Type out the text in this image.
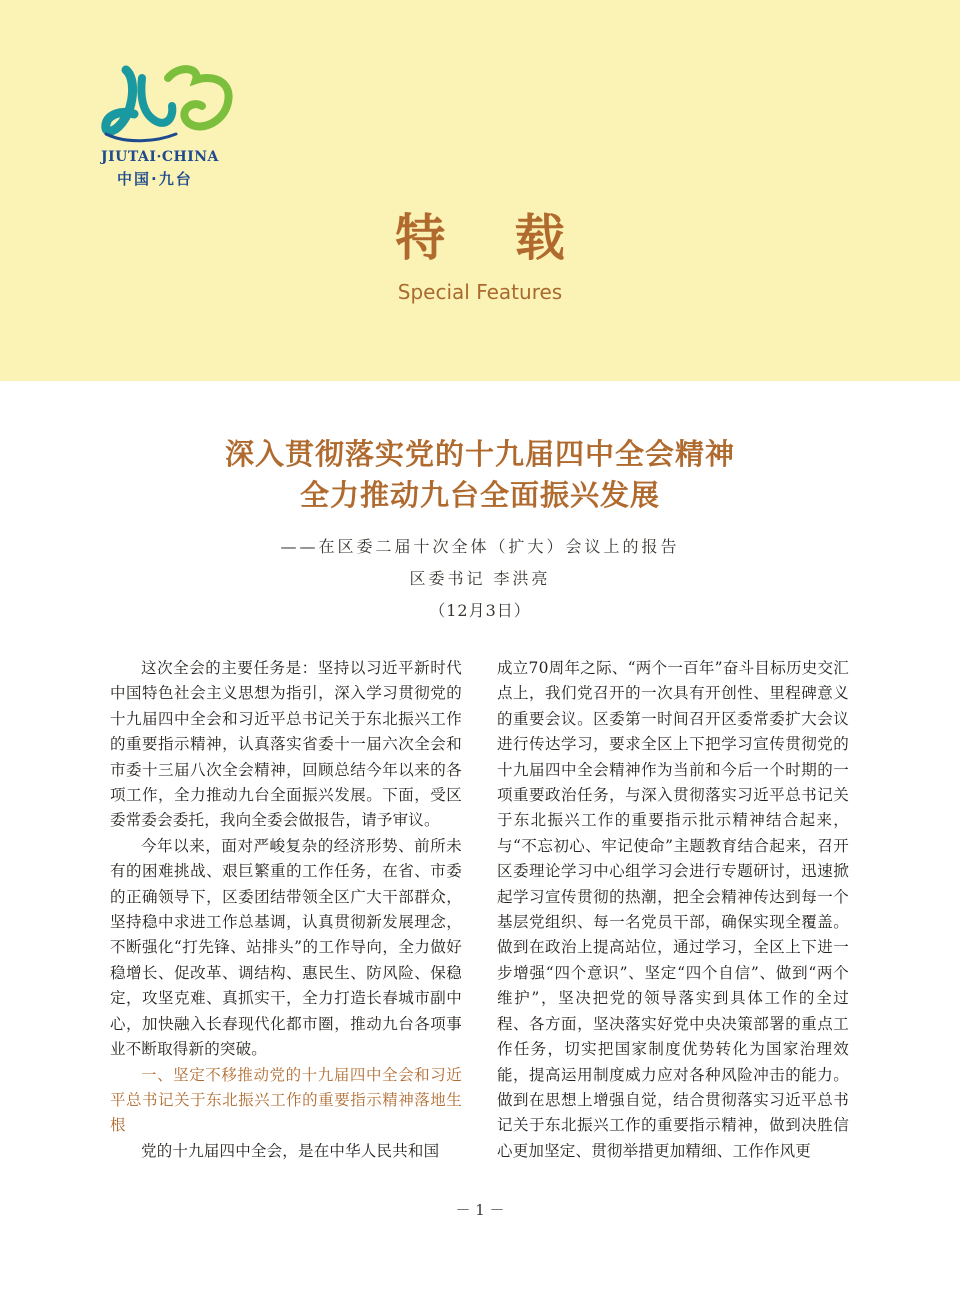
JIUTAI·CHINA
中国·九台
特 载
Special Features
深入贯彻落实党的十九届四中全会精神
全力推动九台全面振兴发展
——在区委二届十次全体（扩大）会议上的报告
区委书记 李洪亮
（12月3日）

这次全会的主要任务是：坚持以习近平新时代中国特色社会主义思想为指引，深入学习贯彻党的十九届四中全会和习近平总书记关于东北振兴工作的重要指示精神，认真落实省委十一届六次全会和市委十三届八次全会精神，回顾总结今年以来的各项工作，全力推动九台全面振兴发展。下面，受区委常委会委托，我向全委会做报告，请予审议。

今年以来，面对严峻复杂的经济形势、前所未有的困难挑战、艰巨繁重的工作任务，在省、市委的正确领导下，区委团结带领全区广大干部群众，坚持稳中求进工作总基调，认真贯彻新发展理念，不断强化“打先锋、站排头”的工作导向，全力做好稳增长、促改革、调结构、惠民生、防风险、保稳定，攻坚克难、真抓实干，全力打造长春城市副中心，加快融入长春现代化都市圈，推动九台各项事业不断取得新的突破。

一、坚定不移推动党的十九届四中全会和习近平总书记关于东北振兴工作的重要指示精神落地生根

党的十九届四中全会，是在中华人民共和国

成立70周年之际、“两个一百年”奋斗目标历史交汇点上，我们党召开的一次具有开创性、里程碑意义的重要会议。区委第一时间召开区委常委扩大会议进行传达学习，要求全区上下把学习宣传贯彻党的十九届四中全会精神作为当前和今后一个时期的一项重要政治任务，与深入贯彻落实习近平总书记关于东北振兴工作的重要指示批示精神结合起来，与“不忘初心、牢记使命”主题教育结合起来，召开区委理论学习中心组学习会进行专题研讨，迅速掀起学习宣传贯彻的热潮，把全会精神传达到每一个基层党组织、每一名党员干部，确保实现全覆盖。做到在政治上提高站位，通过学习，全区上下进一步增强“四个意识”、坚定“四个自信”、做到“两个维护”，坚决把党的领导落实到具体工作的全过程、各方面，坚决落实好党中央决策部署的重点工作任务，切实把国家制度优势转化为国家治理效能，提高运用制度威力应对各种风险冲击的能力。做到在思想上增强自觉，结合贯彻落实习近平总书记关于东北振兴工作的重要指示精神，做到决胜信心更加坚定、贯彻举措更加精细、工作作风更

－ 1 －
